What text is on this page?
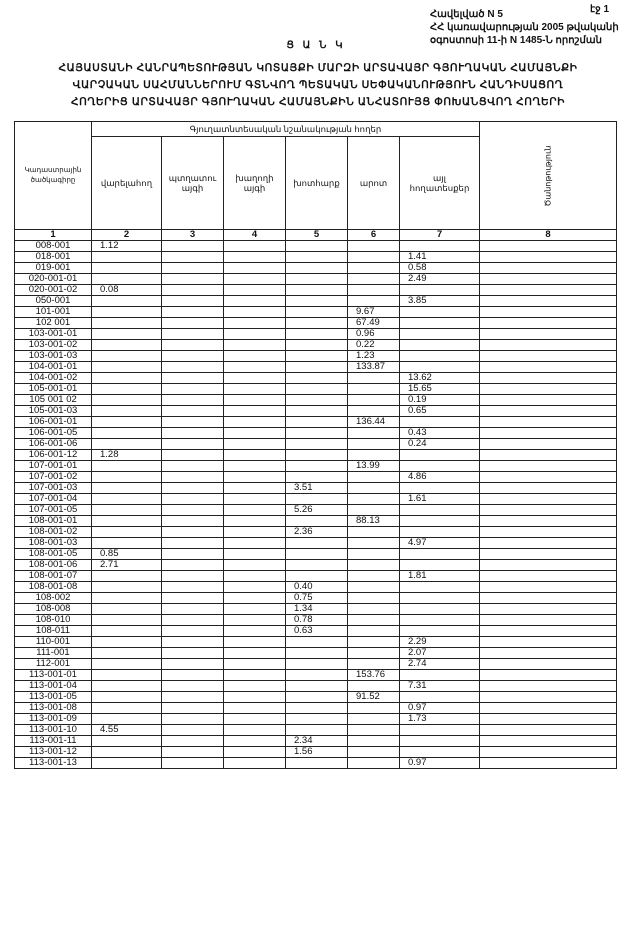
էջ 1
Հավելված N 5
ՀՀ կառավարության 2005 թվականի
օգոստոսի 11-ի N 1485-Ն որոշման
Ց Ա Ն Կ
ՀԱՅԱՍՏԱՆԻ ՀԱՆՐԱՊԵՏՈՒԹՅԱՆ ԿՈՏԱՅՔԻ ՄԱՐԶԻ ԱՐՏԱՎԱՅՐ ԳՅՈՒՂԱԿԱՆ ՀԱՄԱՅՆՔԻ
ՎԱՐՉԱԿԱՆ ՍԱՀՄԱՆՆԵՐՈՒՄ ԳՏՆՎՈՂ ՊԵՏԱԿԱՆ ՍԵՓԱԿԱՆՈՒԹՅՈՒՆ ՀԱՆԴԻՍԱՑՈՂ
ՀՈՂԵՐԻՑ ԱՐՏԱՎԱՅՐ ԳՅՈՒՂԱԿԱՆ ՀԱՄԱՅՆՔԻՆ ԱՆՀԱՏՈՒՅՑ ՓՈԽԱՆՑՎՈՂ ՀՈՂԵՐԻ
Կադաստրային ծածկագիրը	Գյուղատնտեսական նշանակության հողեր						Ծանոթություն
	վարելահող	պտղատու այգի	խաղողի այգի	խոտհարք	արոտ	այլ հողատեսքեր	
1	2	3	4	5	6	7	8
008-001	1.12						
018-001						1.41	
019-001						0.58	
020-001-01						2.49	
020-001-02	0.08						
050-001						3.85	
101-001					9.67		
102 001					67.49		
103-001-01					0.96		
103-001-02					0.22		
103-001-03					1.23		
104-001-01					133.87		
104-001-02						13.62	
105-001-01						15.65	
105 001 02						0.19	
105-001-03						0.65	
106-001-01					136.44		
106-001-05						0.43	
106-001-06						0.24	
106-001-12	1.28						
107-001-01					13.99		
107-001-02						4.86	
107-001-03				3.51			
107-001-04						1.61	
107-001-05				5.26			
108-001-01					88.13		
108-001-02				2.36			
108-001-03						4.97	
108-001-05	0.85						
108-001-06	2.71						
108-001-07						1.81	
108-001-08				0.40			
108-002				0.75			
108-008				1.34			
108-010				0.78			
108-011				0.63			
110-001						2.29	
111-001						2.07	
112-001						2.74	
113-001-01					153.76		
113-001-04						7.31	
113-001-05					91.52		
113-001-08						0.97	
113-001-09						1.73	
113-001-10	4.55						
113-001-11				2.34			
113-001-12				1.56			
113-001-13						0.97	
